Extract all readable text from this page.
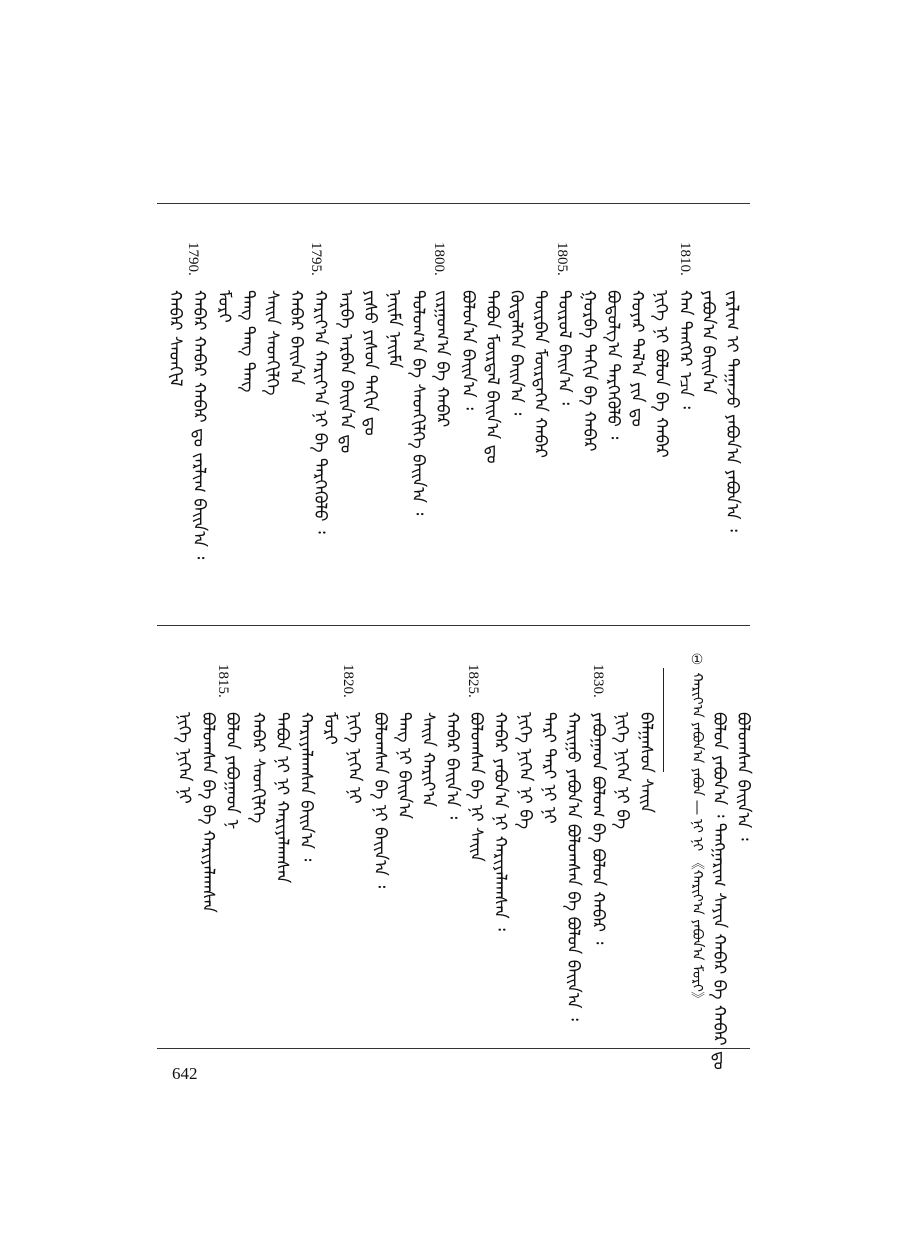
1810.
1805.
1800.
1795.
1790.
ᠵᠠᠷᠯᠢᠭ ᠢ ᠳᠠᠭᠠᠵᠤ ᠶᠠᠪᠤᠨ᠎ᠠ ᠶᠠᠪᠤᠨ᠎ᠠ ᠄
ᠶᠠᠪᠤᠨ᠎ᠠ ᠪᠠᠢ᠌ᠨ᠎ᠠ
ᠬᠠᠨ ᠲᠡᠩᠭᠡᠷ ᠡᠴᠡ ᠄
ᠨᠢᠭᠡ ᠨᠢ ᠪᠤᠯᠤᠨ ᠪᠠ ᠬᠠᠪᠠᠷ
ᠬᠣᠶᠠᠷ ᠲᠠᠯ᠎ᠠ ᠶᠢᠨ ᠳᠤ
ᠪᠣᠳᠣᠯᠭ᠎ᠠ ᠲᠡᠷᠭᠡᠭᠦᠯᠦ ᠄
ᠭᠤᠷᠪᠠ ᠳᠠᠬᠢᠨ ᠪᠠ ᠬᠠᠪᠠᠷ
ᠲᠥᠷᠥᠯ ᠪᠠᠢ᠌ᠨ᠎ᠠ ᠄
ᠳᠥᠷᠪᠡᠨ ᠮᠥᠷᠳᠡᠭᠡᠨ ᠬᠠᠪᠠᠷ
ᠬᠥᠳᠡᠯᠭᠡᠨ ᠪᠠᠢ᠌ᠨ᠎ᠠ ᠄
ᠲᠠᠪᠤᠨ ᠮᠥᠷᠳᠡᠯ ᠪᠠᠢ᠌ᠨ᠎ᠠ ᠳᠤ
ᠪᠣᠯᠤᠨ᠎ᠠ ᠪᠠᠢ᠌ᠨ᠎ᠠ ᠄
ᠵᠢᠷᠭᠤᠭ᠎ᠠ ᠪᠠ ᠬᠠᠪᠠᠷ
ᠳᠣᠯᠣᠭ᠎ᠠ ᠪᠠ ᠰᠡᠳᠬᠢᠯᠭᠡ ᠪᠠᠢ᠌ᠨ᠎ᠠ ᠄
ᠨᠠᠢ᠌ᠮᠠ ᠨᠠᠢ᠌ᠮᠠ
ᠶᠢᠰᠦ ᠶᠢᠰᠦᠨ ᠳᠠᠬᠢᠨ ᠳᠤ
ᠠᠷᠪᠠ ᠠᠷᠪᠠᠨ ᠪᠠᠢ᠌ᠨ᠎ᠠ ᠳᠤ
ᠬᠠᠷᠢᠶ᠎ᠠ ᠬᠠᠷᠢᠶ᠎ᠠ ᠨᠢ ᠪᠠ ᠲᠡᠷᠭᠡᠭᠦᠯᠦ ᠄
ᠬᠠᠪᠠᠷ ᠪᠠᠢ᠌ᠨ᠎ᠠ
ᠰᠠᠢ᠌ᠨ ᠰᠡᠳᠬᠢᠯᠭᠡ
ᠲᠠᠩ ᠲᠠᠩ ᠲᠠᠩ
ᠮᠣᠷᠢ
ᠬᠠᠪᠠᠷ ᠬᠠᠪᠠᠷ ᠬᠠᠪᠠᠷ ᠳᠤ ᠵᠠᠷᠯᠢᠭ ᠪᠠᠢ᠌ᠨ᠎ᠠ ᠄
ᠬᠠᠪᠠᠷ ᠰᠡᠳᠬᠢᠯ
1830.
1825.
1820.
1815.
ᠪᠣᠯᠤᠭᠰᠠᠨ ᠪᠠᠢ᠌ᠨ᠎ᠠ ᠄
ᠪᠣᠯᠤᠨ ᠶᠠᠪᠤᠨ᠎ᠠ ᠄ ᠲᠠᠩᠭᠠᠷᠢᠭ ᠰᠠᠶᠢᠨ ᠬᠠᠪᠠᠷ ᠪᠠ ᠬᠠᠪᠠᠷ ᠳᠤ
ᠪᠠᠯᠭᠠᠰᠤᠨ ᠰᠠᠢ᠌ᠨ
ᠨᠢᠭᠡ ᠨᠢᠭᠡᠨ ᠨᠢ ᠪᠠ
ᠶᠠᠪᠤᠭᠠᠳ ᠪᠤᠯᠤᠭ ᠪᠠ ᠪᠤᠯᠤᠨ ᠬᠠᠪᠠᠷ ᠄
ᠬᠠᠷᠢᠭᠤ ᠶᠠᠪᠤᠨ᠎ᠠ ᠪᠣᠯᠤᠭᠰᠠᠨ ᠪᠠ ᠪᠣᠯᠤᠨ ᠪᠠᠢ᠌ᠨ᠎ᠠ ᠄
ᠲᠠᠷᠢ ᠲᠠᠷᠢ ᠨᠢ ᠨᠢ
ᠨᠢᠭᠡ ᠨᠢᠭᠡᠨ ᠨᠢ ᠪᠠ
ᠬᠠᠪᠠᠷ ᠶᠠᠪᠤᠨ᠎ᠠ ᠨᠢ ᠬᠠᠷᠢᠶᠠᠯᠠᠭᠰᠠᠨ ᠄
ᠪᠣᠯᠤᠭᠰᠠᠨ ᠪᠠ ᠨᠢ ᠰᠠᠢ᠌ᠨ
ᠬᠠᠪᠠᠷ ᠪᠠᠢ᠌ᠨ᠎ᠠ ᠄
ᠰᠠᠢ᠌ᠨ ᠬᠠᠷᠢᠶ᠎ᠠ
ᠲᠠᠩ ᠨᠢ ᠪᠠᠢ᠌ᠨ᠎ᠠ
ᠪᠣᠯᠤᠭᠰᠠᠨ ᠪᠠ ᠨᠢ ᠪᠠᠢ᠌ᠨ᠎ᠠ ᠄
ᠨᠢᠭᠡ ᠨᠢᠭᠡᠨ ᠨᠢ
ᠮᠣᠷᠢ
ᠬᠠᠷᠢᠶᠠᠯᠠᠭᠰᠠᠨ ᠪᠠᠢ᠌ᠨ᠎ᠠ ᠄
ᠲᠠᠪᠤᠨ ᠨᠢ ᠨᠢ ᠬᠠᠷᠢᠶᠠᠯᠠᠭᠰᠠᠨ
ᠬᠠᠪᠠᠷ ᠰᠡᠳᠬᠢᠯᠭᠡ
ᠪᠣᠯᠤᠨ ᠶᠠᠪᠤᠭᠠᠳ ᠨ
ᠪᠣᠯᠤᠭᠰᠠᠨ ᠪᠠ ᠪᠠ ᠬᠠᠷᠢᠶᠠᠯᠠᠭᠰᠠᠨ
ᠨᠢᠭᠡ ᠨᠢᠭᠡᠨ ᠨᠢ	① ᠬᠠᠷᠢᠶ᠎ᠠ ᠶᠠᠪᠤᠨ᠎ᠠ ᠶᠠᠪᠤᠨ ― ᠨᠢ ᠨᠢ 《ᠬᠠᠷᠢᠶ᠎ᠠ ᠶᠠᠪᠤᠨ᠎ᠠ ᠮᠣᠷᠢ》
642
